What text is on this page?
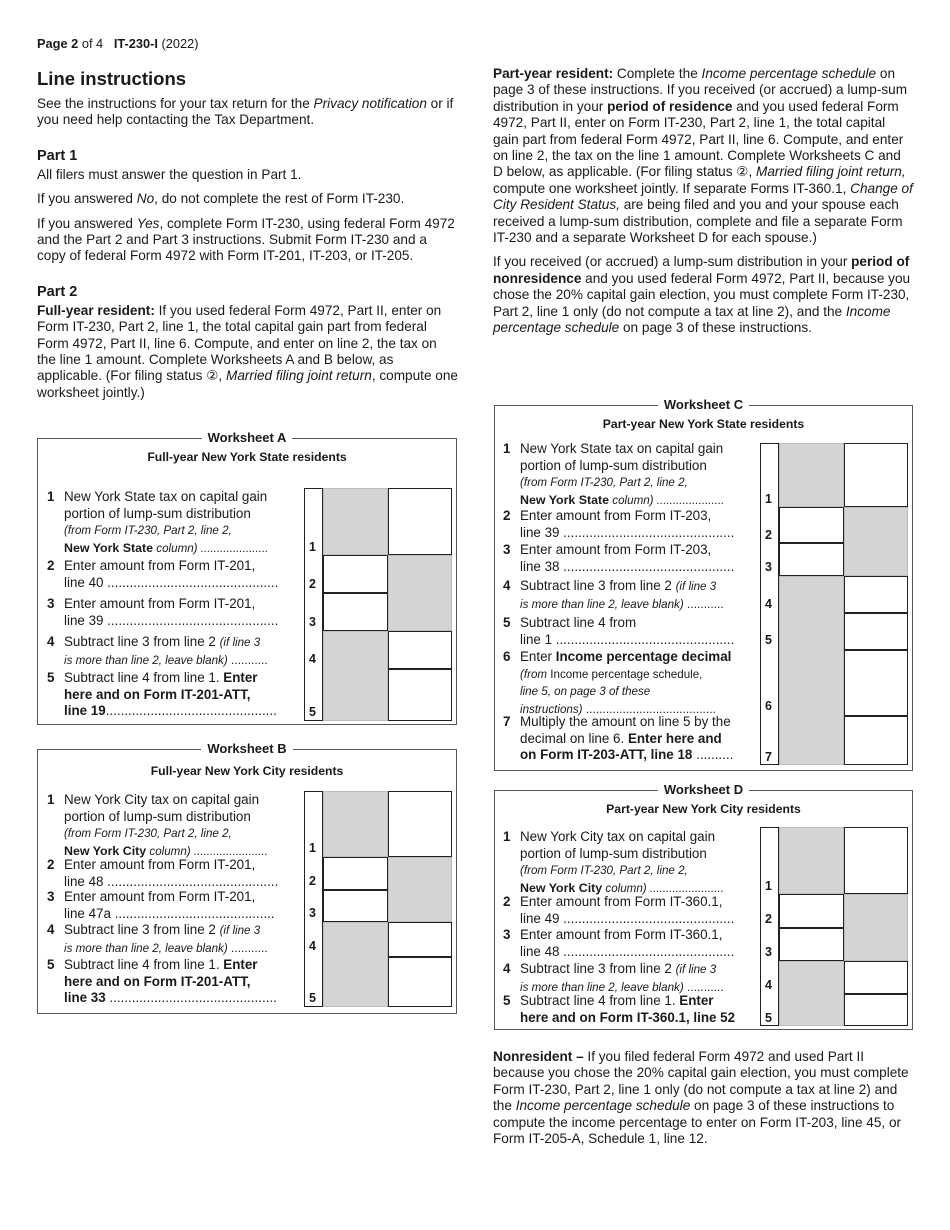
Page 2 of 4 IT-230-I (2022)
Line instructions

See the instructions for your tax return for the Privacy notification or if you need help contacting the Tax Department.

Part 1

All filers must answer the question in Part 1.

If you answered No, do not complete the rest of Form IT-230.

If you answered Yes, complete Form IT-230, using federal Form 4972 and the Part 2 and Part 3 instructions. Submit Form IT-230 and a copy of federal Form 4972 with Form IT-201, IT-203, or IT-205.

Part 2

Full-year resident: If you used federal Form 4972, Part II, enter on Form IT-230, Part 2, line 1, the total capital gain part from federal Form 4972, Part II, line 6. Compute, and enter on line 2, the tax on the line 1 amount. Complete Worksheets A and B below, as applicable. (For filing status ②, Married filing joint return, compute one worksheet jointly.)

Part-year resident: Complete the Income percentage schedule on page 3 of these instructions. If you received (or accrued) a lump-sum distribution in your period of residence and you used federal Form 4972, Part II, enter on Form IT-230, Part 2, line 1, the total capital gain part from federal Form 4972, Part II, line 6. Compute, and enter on line 2, the tax on the line 1 amount. Complete Worksheets C and D below, as applicable. (For filing status ②, Married filing joint return, compute one worksheet jointly. If separate Forms IT-360.1, Change of City Resident Status, are being filed and you and your spouse each received a lump-sum distribution, complete and file a separate Form IT-230 and a separate Worksheet D for each spouse.)

If you received (or accrued) a lump-sum distribution in your period of nonresidence and you used federal Form 4972, Part II, because you chose the 20% capital gain election, you must complete Form IT-230, Part 2, line 1 only (do not compute a tax at line 2), and the Income percentage schedule on page 3 of these instructions.

Nonresident – If you filed federal Form 4972 and used Part II because you chose the 20% capital gain election, you must complete Form IT-230, Part 2, line 1 only (do not compute a tax at line 2) and the Income percentage schedule on page 3 of these instructions to compute the income percentage to enter on Form IT-203, line 45, or Form IT-205-A, Schedule 1, line 12.
Worksheet A
Full-year New York State residents
1 New York State tax on capital gain
portion of lump-sum distribution
(from Form IT-230, Part 2, line 2,
New York State column) .....................
2 Enter amount from Form IT-201,
line 40 ..............................................
3 Enter amount from Form IT-201,
line 39 ..............................................
4 Subtract line 3 from line 2 (if line 3
is more than line 2, leave blank) ...........
5 Subtract line 4 from line 1. Enter
here and on Form IT-201-ATT,
line 19..............................................
1
2
3
4
5
Worksheet B
Full-year New York City residents
1 New York City tax on capital gain
portion of lump-sum distribution
(from Form IT-230, Part 2, line 2,
New York City column) .......................
2 Enter amount from Form IT-201,
line 48 ..............................................
3 Enter amount from Form IT-201,
line 47a ...........................................
4 Subtract line 3 from line 2 (if line 3
is more than line 2, leave blank) ...........
5 Subtract line 4 from line 1. Enter
here and on Form IT-201-ATT,
line 33 .............................................
1
2
3
4
5
Worksheet C
Part-year New York State residents
1 New York State tax on capital gain
portion of lump-sum distribution
(from Form IT-230, Part 2, line 2,
New York State column) .....................
2 Enter amount from Form IT-203,
line 39 ..............................................
3 Enter amount from Form IT-203,
line 38 ..............................................
4 Subtract line 3 from line 2 (if line 3
is more than line 2, leave blank) ...........
5 Subtract line 4 from
line 1 ................................................
6 Enter Income percentage decimal
(from Income percentage schedule,
line 5, on page 3 of these
instructions) .......................................
7 Multiply the amount on line 5 by the
decimal on line 6. Enter here and
on Form IT-203-ATT, line 18 ..........
1
2
3
4
5
6
7
Worksheet D
Part-year New York City residents
1 New York City tax on capital gain
portion of lump-sum distribution
(from Form IT-230, Part 2, line 2,
New York City column) .......................
2 Enter amount from Form IT-360.1,
line 49 ..............................................
3 Enter amount from Form IT-360.1,
line 48 ..............................................
4 Subtract line 3 from line 2 (if line 3
is more than line 2, leave blank) ...........
5 Subtract line 4 from line 1. Enter
here and on Form IT-360.1, line 52
1
2
3
4
5
